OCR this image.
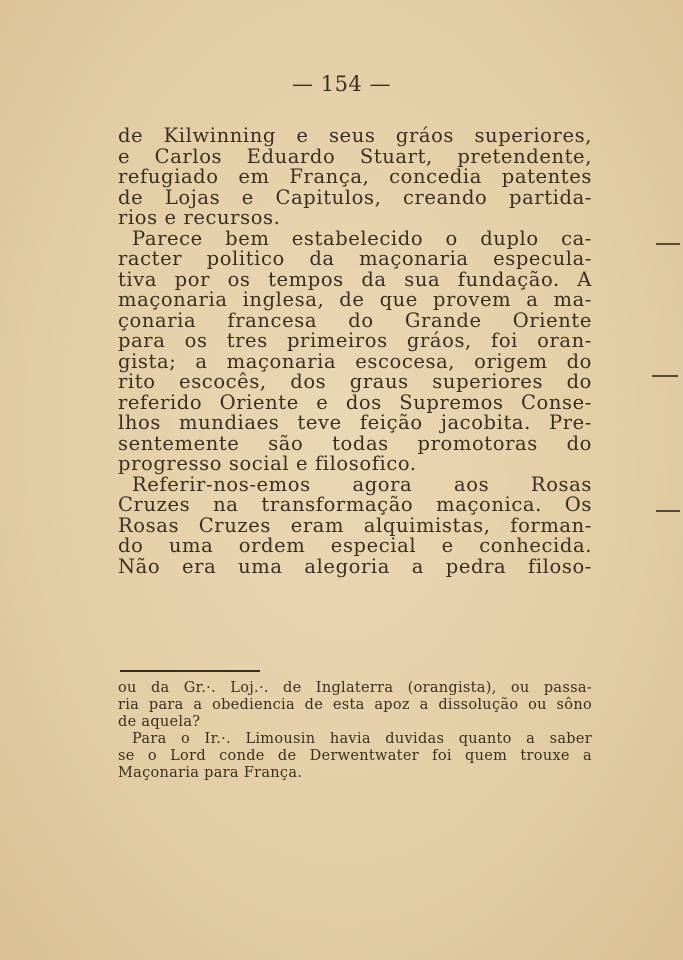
— 154 —
de Kilwinning e seus gráos superiores,
e Carlos Eduardo Stuart, pretendente,
refugiado em França, concedia patentes
de Lojas e Capitulos, creando partida-
rios e recursos.
Parece bem estabelecido o duplo ca-
racter politico da maçonaria especula-
tiva por os tempos da sua fundação. A
maçonaria inglesa, de que provem a ma-
çonaria francesa do Grande Oriente
para os tres primeiros gráos, foi oran-
gista; a maçonaria escocesa, origem do
rito escocês, dos graus superiores do
referido Oriente e dos Supremos Conse-
lhos mundiaes teve feição jacobita. Pre-
sentemente são todas promotoras do
progresso social e filosofico.
Referir-nos-emos agora aos Rosas
Cruzes na transformação maçonica. Os
Rosas Cruzes eram alquimistas, forman-
do uma ordem especial e conhecida.
Não era uma alegoria a pedra filoso-
ou da Gr.·. Loj.·. de Inglaterra (orangista), ou passa-
ria para a obediencia de esta apoz a dissolução ou sôno
de aquela?
Para o Ir.·. Limousin havia duvidas quanto a saber
se o Lord conde de Derwentwater foi quem trouxe a
Maçonaria para França.
